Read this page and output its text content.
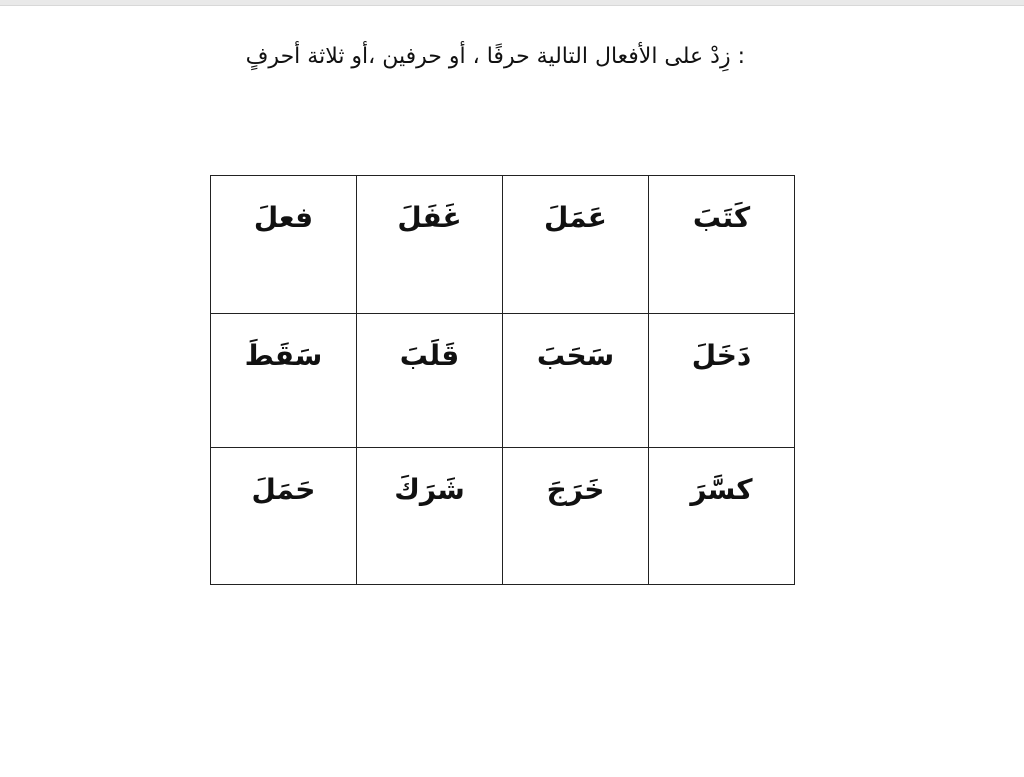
: زِدْ على الأفعال التالية حرفًا ، أو حرفين ،أو ثلاثة أحرفٍ
كَتَبَ	عَمَلَ	غَفَلَ	فعلَ

دَخَلَ	سَحَبَ	قَلَبَ	سَقَطَ

كسَّرَ	خَرَجَ	شَرَكَ	حَمَلَ
